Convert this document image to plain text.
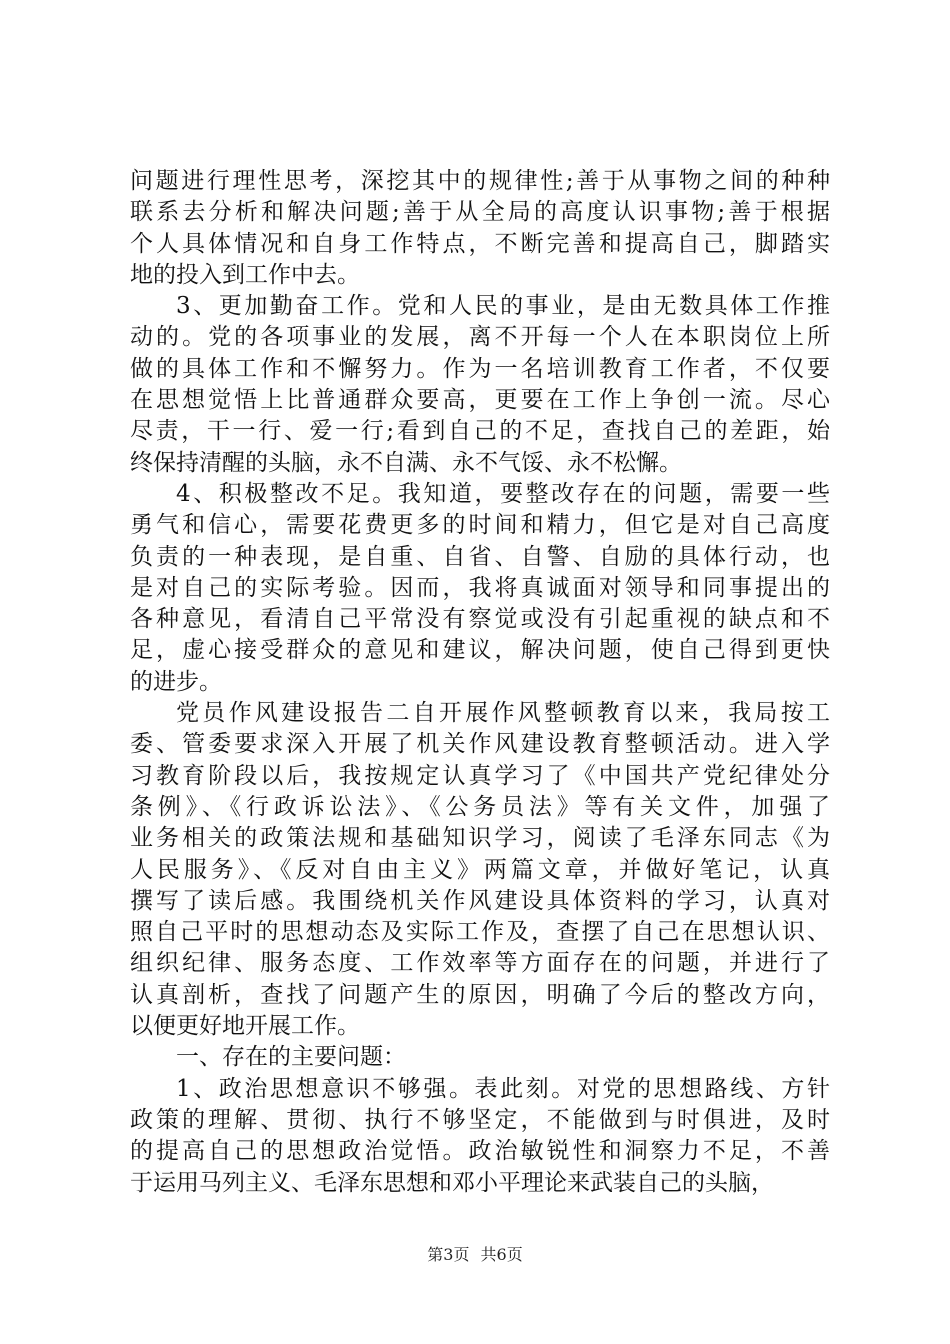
问题进行理性思考，深挖其中的规律性;善于从事物之间的种种
联系去分析和解决问题;善于从全局的高度认识事物;善于根据
个人具体情况和自身工作特点，不断完善和提高自己，脚踏实
地的投入到工作中去。
3、更加勤奋工作。党和人民的事业，是由无数具体工作推
动的。党的各项事业的发展，离不开每一个人在本职岗位上所
做的具体工作和不懈努力。作为一名培训教育工作者，不仅要
在思想觉悟上比普通群众要高，更要在工作上争创一流。尽心
尽责，干一行、爱一行;看到自己的不足，查找自己的差距，始
终保持清醒的头脑，永不自满、永不气馁、永不松懈。
4、积极整改不足。我知道，要整改存在的问题，需要一些
勇气和信心，需要花费更多的时间和精力，但它是对自己高度
负责的一种表现，是自重、自省、自警、自励的具体行动，也
是对自己的实际考验。因而，我将真诚面对领导和同事提出的
各种意见，看清自己平常没有察觉或没有引起重视的缺点和不
足，虚心接受群众的意见和建议，解决问题，使自己得到更快
的进步。
党员作风建设报告二自开展作风整顿教育以来，我局按工
委、管委要求深入开展了机关作风建设教育整顿活动。进入学
习教育阶段以后，我按规定认真学习了《中国共产党纪律处分
条例》、《行政诉讼法》、《公务员法》等有关文件，加强了
业务相关的政策法规和基础知识学习，阅读了毛泽东同志《为
人民服务》、《反对自由主义》两篇文章，并做好笔记，认真
撰写了读后感。我围绕机关作风建设具体资料的学习，认真对
照自己平时的思想动态及实际工作及，查摆了自己在思想认识、
组织纪律、服务态度、工作效率等方面存在的问题，并进行了
认真剖析，查找了问题产生的原因，明确了今后的整改方向，
以便更好地开展工作。
一、存在的主要问题：
1、政治思想意识不够强。表此刻。对党的思想路线、方针
政策的理解、贯彻、执行不够坚定，不能做到与时俱进，及时
的提高自己的思想政治觉悟。政治敏锐性和洞察力不足，不善
于运用马列主义、毛泽东思想和邓小平理论来武装自己的头脑，
第3页 共6页
